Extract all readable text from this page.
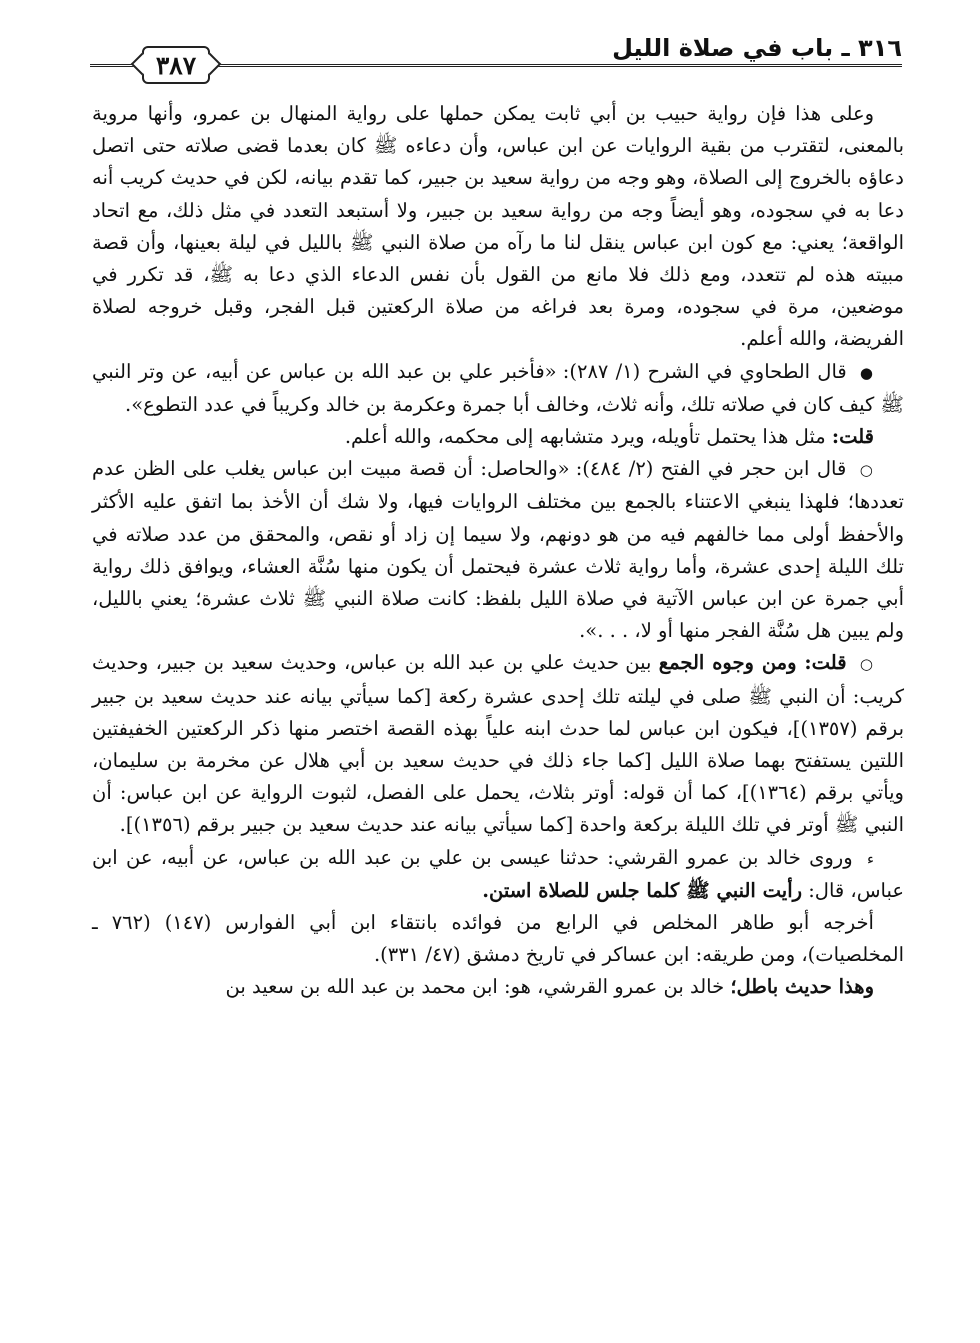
٣١٦ ـ باب في صلاة الليل
٣٨٧

وعلى هذا فإن رواية حبيب بن أبي ثابت يمكن حملها على رواية المنهال بن عمرو، وأنها مروية بالمعنى، لتقترب من بقية الروايات عن ابن عباس، وأن دعاءه ﷺ كان بعدما قضى صلاته حتى اتصل دعاؤه بالخروج إلى الصلاة، وهو وجه من رواية سعيد بن جبير، كما تقدم بيانه، لكن في حديث كريب أنه دعا به في سجوده، وهو أيضاً وجه من رواية سعيد بن جبير، ولا أستبعد التعدد في مثل ذلك، مع اتحاد الواقعة؛ يعني: مع كون ابن عباس ينقل لنا ما رآه من صلاة النبي ﷺ بالليل في ليلة بعينها، وأن قصة مبيته هذه لم تتعدد، ومع ذلك فلا مانع من القول بأن نفس الدعاء الذي دعا به ﷺ، قد تكرر في موضعين، مرة في سجوده، ومرة بعد فراغه من صلاة الركعتين قبل الفجر، وقبل خروجه لصلاة الفريضة، والله أعلم.

● قال الطحاوي في الشرح (١/ ٢٨٧): «فأخبر علي بن عبد الله بن عباس عن أبيه، عن وتر النبي ﷺ كيف كان في صلاته تلك، وأنه ثلاث، وخالف أبا جمرة وعكرمة بن خالد وكريباً في عدد التطوع».

قلت: مثل هذا يحتمل تأويله، ويرد متشابهه إلى محكمه، والله أعلم.

○ قال ابن حجر في الفتح (٢/ ٤٨٤): «والحاصل: أن قصة مبيت ابن عباس يغلب على الظن عدم تعددها؛ فلهذا ينبغي الاعتناء بالجمع بين مختلف الروايات فيها، ولا شك أن الأخذ بما اتفق عليه الأكثر والأحفظ أولى مما خالفهم فيه من هو دونهم، ولا سيما إن زاد أو نقص، والمحقق من عدد صلاته في تلك الليلة إحدى عشرة، وأما رواية ثلاث عشرة فيحتمل أن يكون منها سُنَّة العشاء، ويوافق ذلك رواية أبي جمرة عن ابن عباس الآتية في صلاة الليل بلفظ: كانت صلاة النبي ﷺ ثلاث عشرة؛ يعني بالليل، ولم يبين هل سُنَّة الفجر منها أو لا، . . .».

○ قلت: ومن وجوه الجمع بين حديث علي بن عبد الله بن عباس، وحديث سعيد بن جبير، وحديث كريب: أن النبي ﷺ صلى في ليلته تلك إحدى عشرة ركعة [كما سيأتي بيانه عند حديث سعيد بن جبير برقم (١٣٥٧)]، فيكون ابن عباس لما حدث ابنه علياً بهذه القصة اختصر منها ذكر الركعتين الخفيفتين اللتين يستفتح بهما صلاة الليل [كما جاء ذلك في حديث سعيد بن أبي هلال عن مخرمة بن سليمان، ويأتي برقم (١٣٦٤)]، كما أن قوله: أوتر بثلاث، يحمل على الفصل، لثبوت الرواية عن ابن عباس: أن النبي ﷺ أوتر في تلك الليلة بركعة واحدة [كما سيأتي بيانه عند حديث سعيد بن جبير برقم (١٣٥٦)].

ء وروى خالد بن عمرو القرشي: حدثنا عيسى بن علي بن عبد الله بن عباس، عن أبيه، عن ابن عباس، قال: رأيت النبي ﷺ كلما جلس للصلاة استن.

أخرجه أبو طاهر المخلص في الرابع من فوائده بانتقاء ابن أبي الفوارس (١٤٧) (٧٦٢ ـ المخلصيات)، ومن طريقه: ابن عساكر في تاريخ دمشق (٤٧/ ٣٣١).

وهذا حديث باطل؛ خالد بن عمرو القرشي، هو: ابن محمد بن عبد الله بن سعيد بن
